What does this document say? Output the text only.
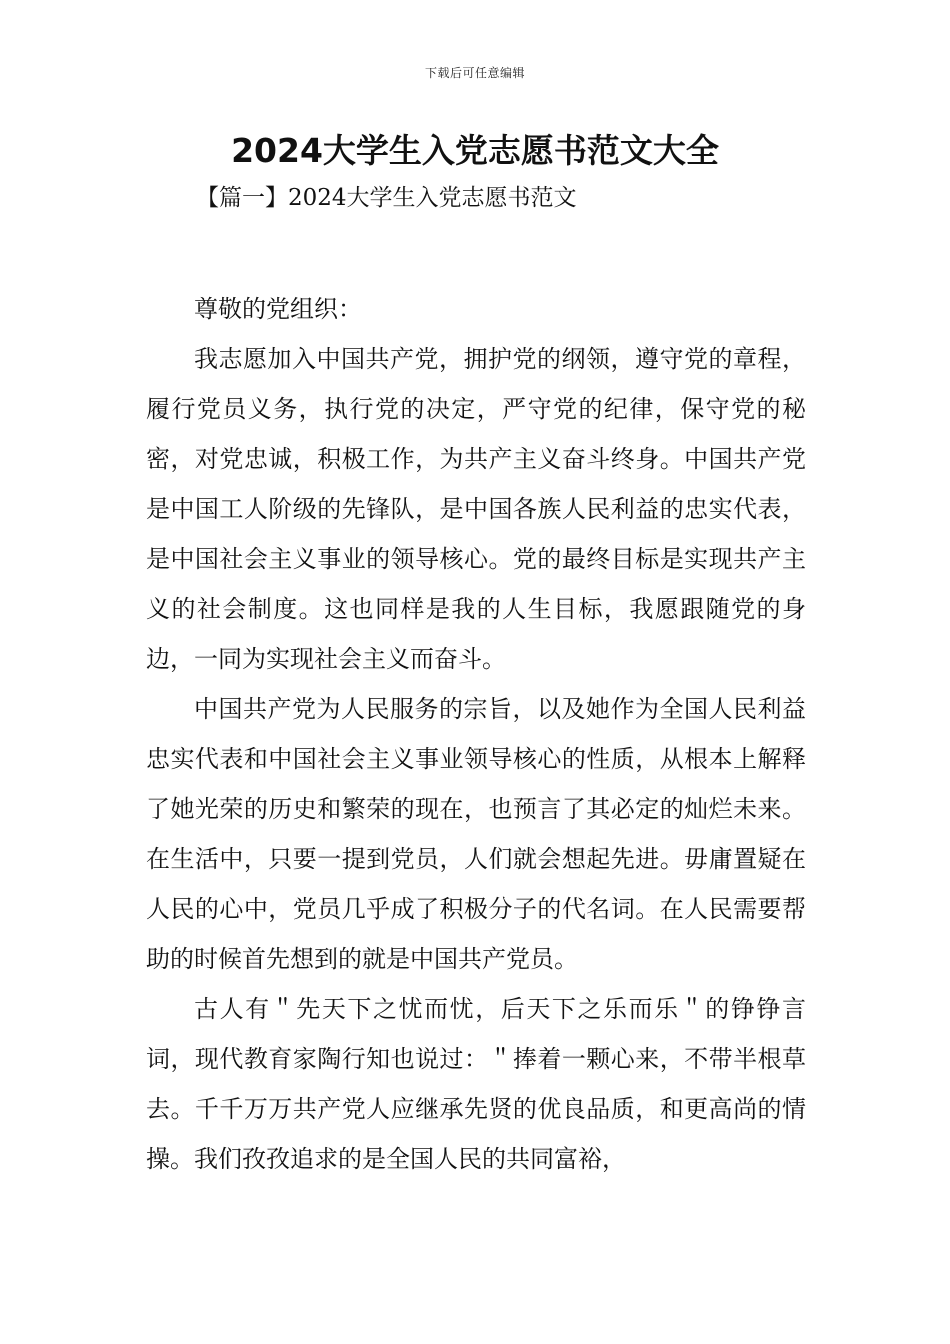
下载后可任意编辑
2024大学生入党志愿书范文大全
【篇一】2024大学生入党志愿书范文

尊敬的党组织：

我志愿加入中国共产党，拥护党的纲领，遵守党的章程，履行党员义务，执行党的决定，严守党的纪律，保守党的秘密，对党忠诚，积极工作，为共产主义奋斗终身。中国共产党是中国工人阶级的先锋队，是中国各族人民利益的忠实代表，是中国社会主义事业的领导核心。党的最终目标是实现共产主义的社会制度。这也同样是我的人生目标，我愿跟随党的身边，一同为实现社会主义而奋斗。

中国共产党为人民服务的宗旨，以及她作为全国人民利益忠实代表和中国社会主义事业领导核心的性质，从根本上解释了她光荣的历史和繁荣的现在，也预言了其必定的灿烂未来。在生活中，只要一提到党员，人们就会想起先进。毋庸置疑在人民的心中，党员几乎成了积极分子的代名词。在人民需要帮助的时候首先想到的就是中国共产党员。

古人有＂先天下之忧而忧，后天下之乐而乐＂的铮铮言词，现代教育家陶行知也说过：＂捧着一颗心来，不带半根草去。千千万万共产党人应继承先贤的优良品质，和更高尚的情操。我们孜孜追求的是全国人民的共同富裕，
